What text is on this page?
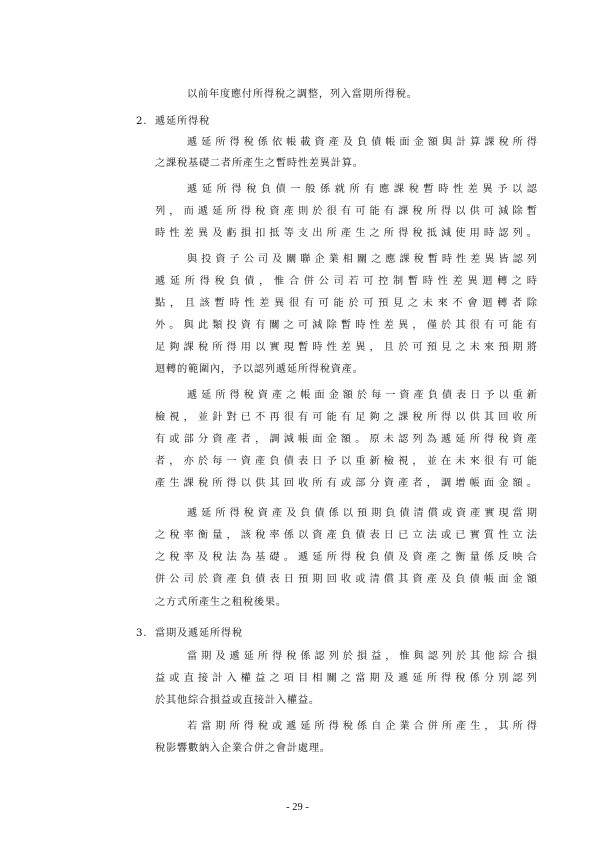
以前年度應付所得稅之調整，列入當期所得稅。
2. 遞延所得稅
遞延所得稅係依帳載資產及負債帳面金額與計算課稅所得
之課稅基礎二者所產生之暫時性差異計算。
遞延所得稅負債一般係就所有應課稅暫時性差異予以認
列，而遞延所得稅資產則於很有可能有課稅所得以供可減除暫
時性差異及虧損扣抵等支出所產生之所得稅抵減使用時認列。
與投資子公司及關聯企業相關之應課稅暫時性差異皆認列
遞延所得稅負債，惟合併公司若可控制暫時性差異迴轉之時
點，且該暫時性差異很有可能於可預見之未來不會迴轉者除
外。與此類投資有關之可減除暫時性差異，僅於其很有可能有
足夠課稅所得用以實現暫時性差異，且於可預見之未來預期將
迴轉的範圍內，予以認列遞延所得稅資產。
遞延所得稅資產之帳面金額於每一資產負債表日予以重新
檢視，並針對已不再很有可能有足夠之課稅所得以供其回收所
有或部分資產者，調減帳面金額。原未認列為遞延所得稅資產
者，亦於每一資產負債表日予以重新檢視，並在未來很有可能
產生課稅所得以供其回收所有或部分資產者，調增帳面金額。
遞延所得稅資產及負債係以預期負債清償或資產實現當期
之稅率衡量，該稅率係以資產負債表日已立法或已實質性立法
之稅率及稅法為基礎。遞延所得稅負債及資產之衡量係反映合
併公司於資產負債表日預期回收或清償其資產及負債帳面金額
之方式所產生之租稅後果。
3. 當期及遞延所得稅
當期及遞延所得稅係認列於損益，惟與認列於其他綜合損
益或直接計入權益之項目相關之當期及遞延所得稅係分別認列
於其他綜合損益或直接計入權益。
若當期所得稅或遞延所得稅係自企業合併所產生，其所得
稅影響數納入企業合併之會計處理。
- 29 -
